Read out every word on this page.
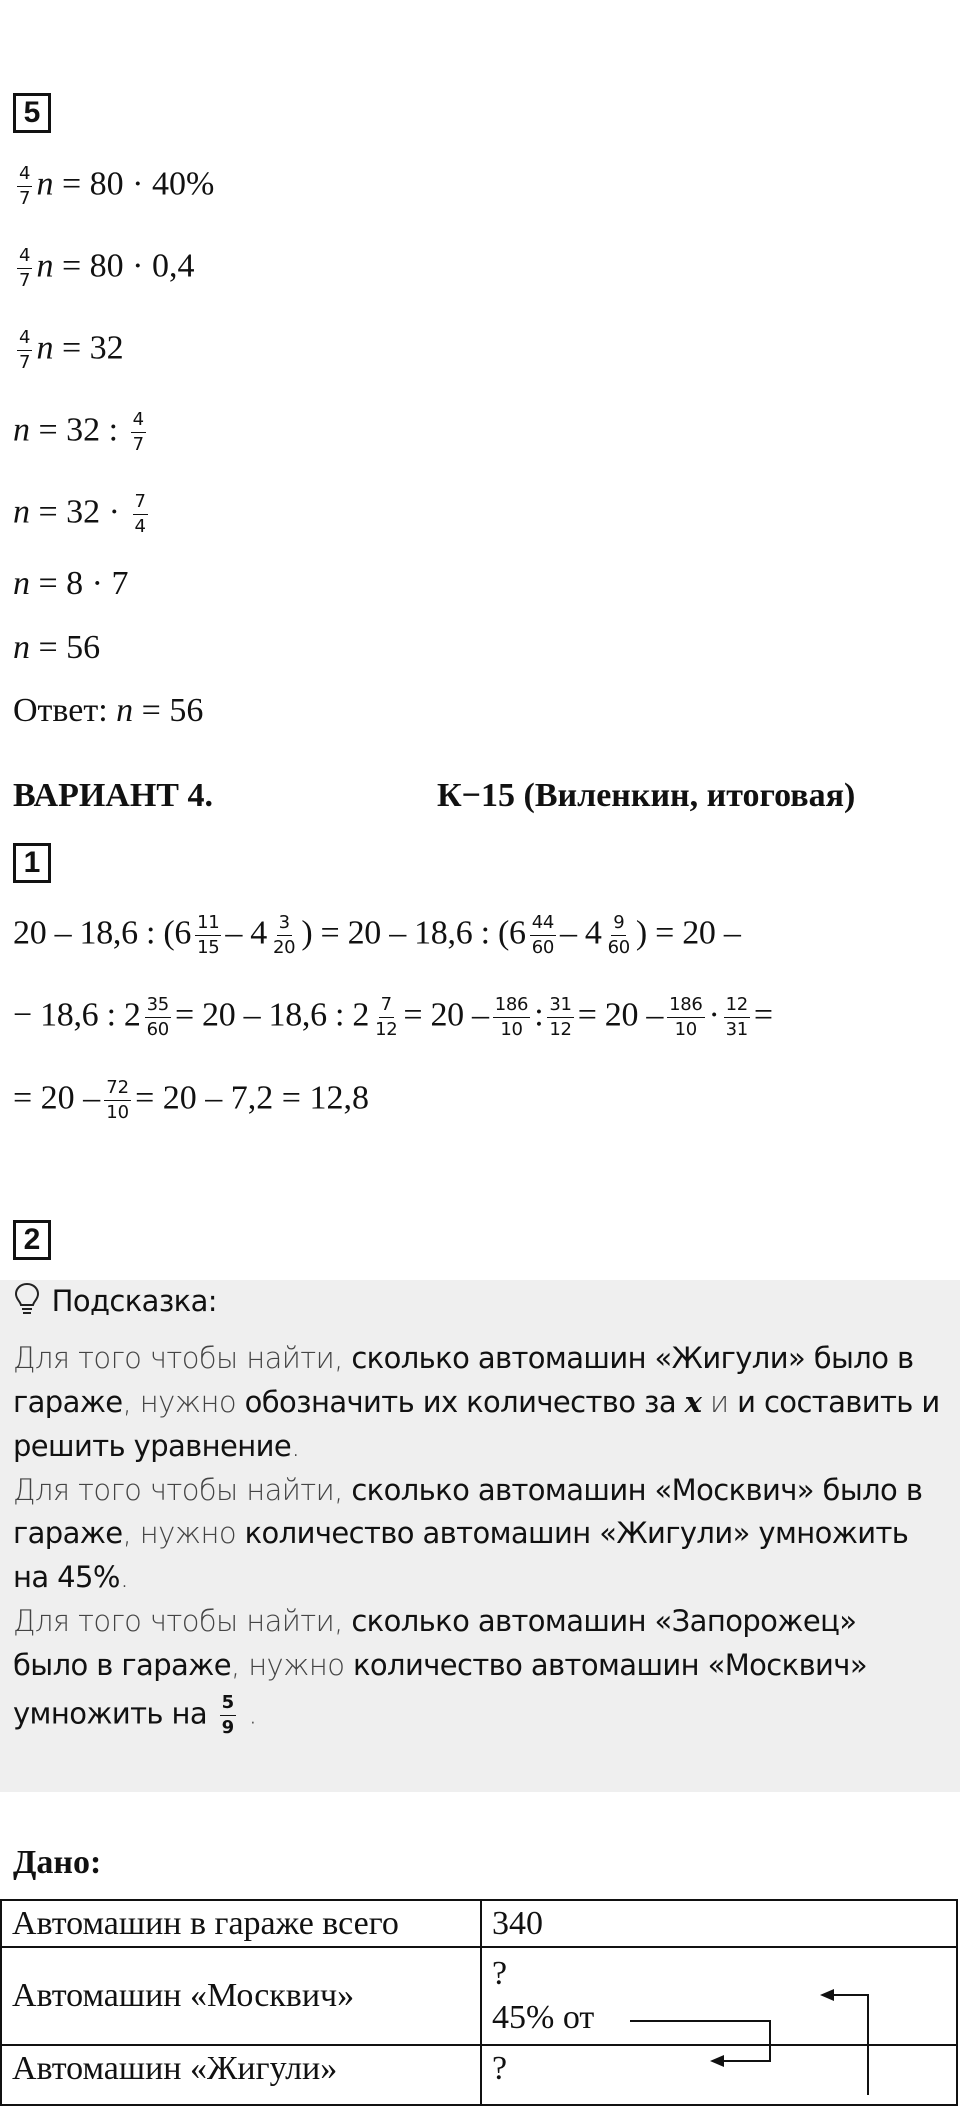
5
$\frac{4}{7}$ n = 80 · 40%
$\frac{4}{7}$ n = 80 · 0,4
$\frac{4}{7}$ n = 32
n = 32 : $\frac{4}{7}$
$n = 32 \cdot \frac{7}{4}$
n = 8 · 7
n = 56
Ответ: n = 56
ВАРИАНТ 4.	К−15 (Виленкин, итоговая)
1
20 – 18,6 : ($6 \frac{11}{15} - 4 \frac{3}{20}$ ) = 20 – 18,6 : ($6 \frac{44}{60} - 4 \frac{9}{60}$ ) = 20 –
− 18,6 : $2 \frac{35}{60} = 20 - 18,6$ : $2 \frac{7}{12} = 20 - \frac{186}{10}$ : $\frac{31}{12} = 20 - \frac{186}{10} \cdot \frac{12}{31}$ =
= $20 - \frac{72}{10} = 20 - 7,2 = 12,8$
2
Подсказка:
Для того чтобы найти, сколько автомашин «Жигули» было в
гараже, нужно обозначить их количество за x и и составить и
решить уравнение.
Для того чтобы найти, сколько автомашин «Москвич» было в
гараже, нужно количество автомашин «Жигули» умножить
на 45%.
Для того чтобы найти, сколько автомашин «Запорожец»
было в гараже, нужно количество автомашин «Москвич»
умножить на $\frac{5}{9}$ .
Дано:
Автомашин в гараже всего	340
Автомашин «Москвич»	?
45% от

Автомашин «Жигули»	?
